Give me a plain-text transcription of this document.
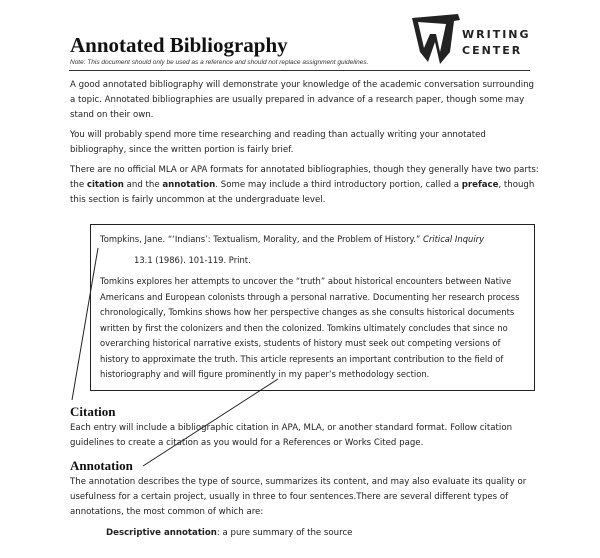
Annotated Bibliography
Note: This document should only be used as a reference and should not replace assignment guidelines.
WRITING
CENTER

A good annotated bibliography will demonstrate your knowledge of the academic conversation surrounding a topic. Annotated bibliographies are usually prepared in advance of a research paper, though some may stand on their own.

You will probably spend more time researching and reading than actually writing your annotated bibliography, since the written portion is fairly brief.

There are no official MLA or APA formats for annotated bibliographies, though they generally have two parts: the citation and the annotation. Some may include a third introductory portion, called a preface, though this section is fairly uncommon at the undergraduate level.

Tompkins, Jane. “‘Indians’: Textualism, Morality, and the Problem of History.” Critical Inquiry

13.1 (1986). 101-119. Print.

Tomkins explores her attempts to uncover the “truth” about historical encounters between Native Americans and European colonists through a personal narrative. Documenting her research process chronologically, Tomkins shows how her perspective changes as she consults historical documents written by first the colonizers and then the colonized. Tomkins ultimately concludes that since no overarching historical narrative exists, students of history must seek out competing versions of history to approximate the truth. This article represents an important contribution to the field of historiography and will figure prominently in my paper’s methodology section.

Citation

Each entry will include a bibliographic citation in APA, MLA, or another standard format. Follow citation guidelines to create a citation as you would for a References or Works Cited page.

Annotation

The annotation describes the type of source, summarizes its content, and may also evaluate its quality or usefulness for a certain project, usually in three to four sentences.There are several different types of annotations, the most common of which are:

Descriptive annotation: a pure summary of the source
